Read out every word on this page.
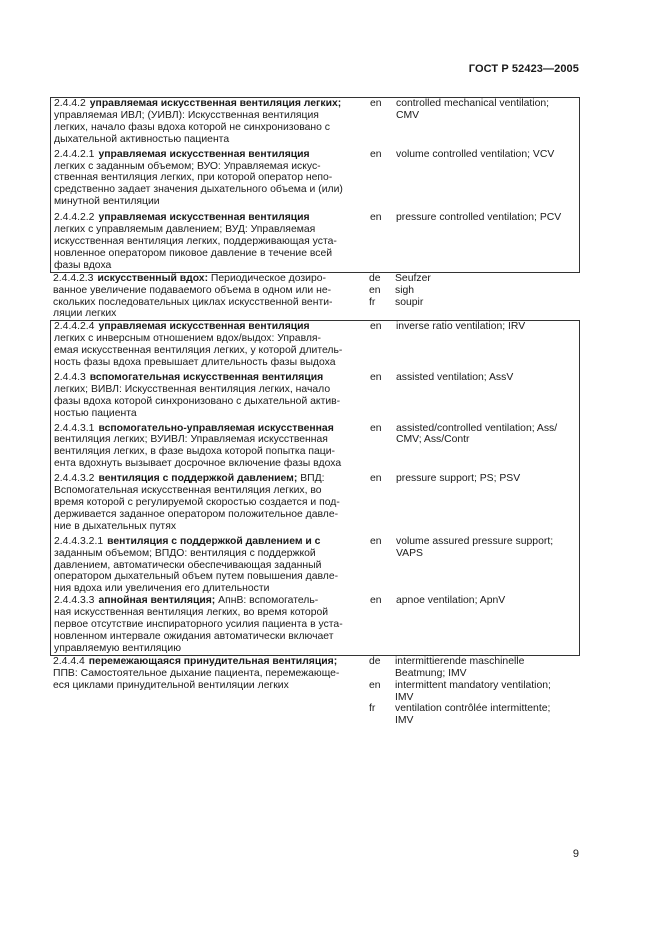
ГОСТ Р 52423—2005
2.4.4.2 управляемая искусственная вентиляция легких;
управляемая ИВЛ; (УИВЛ): Искусственная вентиляция
легких, начало фазы вдоха которой не синхронизовано с
дыхательной активностью пациента
en	controlled mechanical ventilation;
CMV
2.4.4.2.1 управляемая искусственная вентиляция
легких с заданным объемом; ВУО: Управляемая искус-
ственная вентиляция легких, при которой оператор непо-
средственно задает значения дыхательного объема и (или)
минутной вентиляции
en	volume controlled ventilation; VCV
2.4.4.2.2 управляемая искусственная вентиляция
легких с управляемым давлением; ВУД: Управляемая
искусственная вентиляция легких, поддерживающая уста-
новленное оператором пиковое давление в течение всей
фазы вдоха
en	pressure controlled ventilation; PCV
2.4.4.2.3 искусственный вдох: Периодическое дозиро-
ванное увеличение подаваемого объема в одном или не-
скольких последовательных циклах искусственной венти-
ляции легких
de	Seufzer
en	sigh
fr	soupir
2.4.4.2.4 управляемая искусственная вентиляция
легких с инверсным отношением вдох/выдох: Управля-
емая искусственная вентиляция легких, у которой длитель-
ность фазы вдоха превышает длительность фазы выдоха
en	inverse ratio ventilation; IRV
2.4.4.3 вспомогательная искусственная вентиляция
легких; ВИВЛ: Искусственная вентиляция легких, начало
фазы вдоха которой синхронизовано с дыхательной актив-
ностью пациента
en	assisted ventilation; AssV
2.4.4.3.1 вспомогательно-управляемая искусственная
вентиляция легких; ВУИВЛ: Управляемая искусственная
вентиляция легких, в фазе выдоха которой попытка паци-
ента вдохнуть вызывает досрочное включение фазы вдоха
en	assisted/controlled ventilation; Ass/
CMV; Ass/Contr
2.4.4.3.2 вентиляция с поддержкой давлением; ВПД:
Вспомогательная искусственная вентиляция легких, во
время которой с регулируемой скоростью создается и под-
держивается заданное оператором положительное давле-
ние в дыхательных путях
en	pressure support; PS; PSV
2.4.4.3.2.1 вентиляция с поддержкой давлением и с
заданным объемом; ВПДО: вентиляция с поддержкой
давлением, автоматически обеспечивающая заданный
оператором дыхательный объем путем повышения давле-
ния вдоха или увеличения его длительности
en	volume assured pressure support;
VAPS
2.4.4.3.3 апнойная вентиляция; АпнВ: вспомогатель-
ная искусственная вентиляция легких, во время которой
первое отсутствие инспираторного усилия пациента в уста-
новленном интервале ожидания автоматически включает
управляемую вентиляцию
en	apnoe ventilation; ApnV
2.4.4.4 перемежающаяся принудительная вентиляция;
ППВ: Самостоятельное дыхание пациента, перемежающе-
еся циклами принудительной вентиляции легких
de	intermittierende maschinelle
Beatmung; IMV
en	intermittent mandatory ventilation;
IMV
fr	ventilation contrôlée intermittente;
IMV
9
